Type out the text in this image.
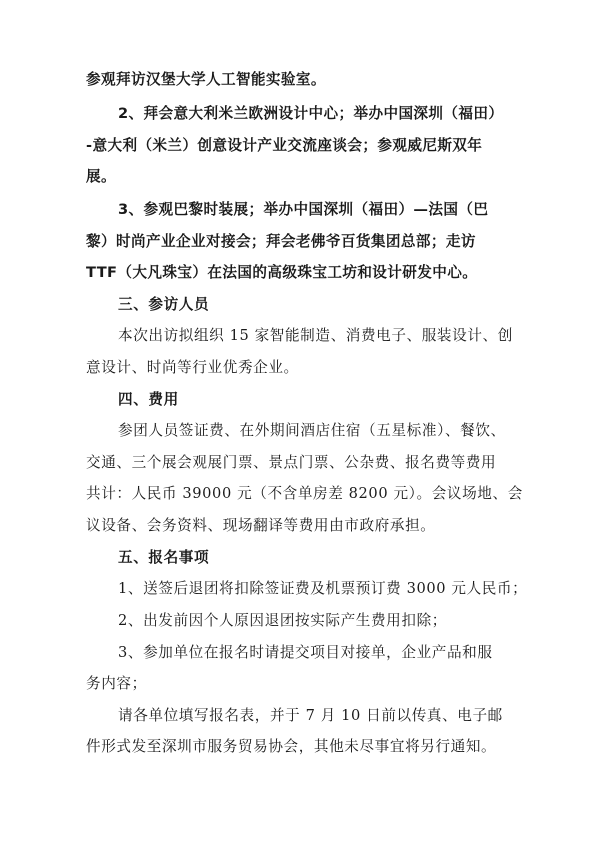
参观拜访汉堡大学人工智能实验室。
2、拜会意大利米兰欧洲设计中心；举办中国深圳（福田）
-意大利（米兰）创意设计产业交流座谈会；参观威尼斯双年
展。
3、参观巴黎时装展；举办中国深圳（福田）—法国（巴
黎）时尚产业企业对接会；拜会老佛爷百货集团总部；走访
TTF（大凡珠宝）在法国的高级珠宝工坊和设计研发中心。
三、参访人员
本次出访拟组织 15 家智能制造、消费电子、服装设计、创
意设计、时尚等行业优秀企业。
四、费用
参团人员签证费、在外期间酒店住宿（五星标准）、餐饮、
交通、三个展会观展门票、景点门票、公杂费、报名费等费用
共计：人民币 39000 元（不含单房差 8200 元）。会议场地、会
议设备、会务资料、现场翻译等费用由市政府承担。
五、报名事项
1、送签后退团将扣除签证费及机票预订费 3000 元人民币；
2、出发前因个人原因退团按实际产生费用扣除；
3、参加单位在报名时请提交项目对接单，企业产品和服
务内容；
请各单位填写报名表，并于 7 月 10 日前以传真、电子邮
件形式发至深圳市服务贸易协会，其他未尽事宜将另行通知。
